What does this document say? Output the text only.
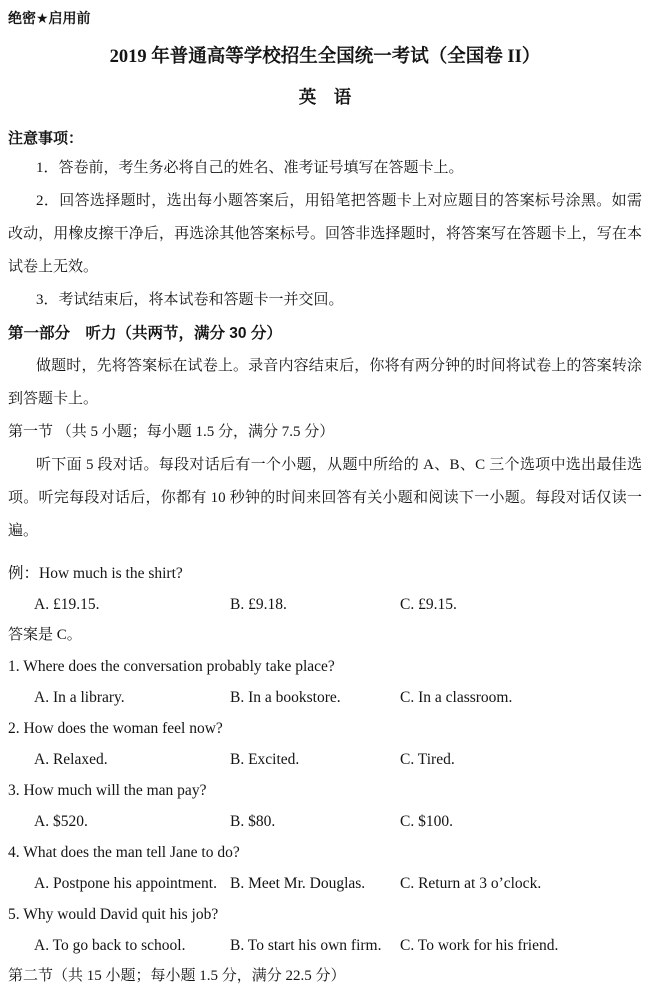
绝密★启用前
2019 年普通高等学校招生全国统一考试（全国卷 II）
英　语
注意事项：

1．答卷前，考生务必将自己的姓名、准考证号填写在答题卡上。

2．回答选择题时，选出每小题答案后，用铅笔把答题卡上对应题目的答案标号涂黑。如需改动，用橡皮擦干净后，再选涂其他答案标号。回答非选择题时，将答案写在答题卡上，写在本试卷上无效。

3．考试结束后，将本试卷和答题卡一并交回。

第一部分　听力（共两节，满分 30 分）

做题时，先将答案标在试卷上。录音内容结束后，你将有两分钟的时间将试卷上的答案转涂到答题卡上。

第一节 （共 5 小题；每小题 1.5 分，满分 7.5 分）

听下面 5 段对话。每段对话后有一个小题，从题中所给的 A、B、C 三个选项中选出最佳选项。听完每段对话后，你都有 10 秒钟的时间来回答有关小题和阅读下一小题。每段对话仅读一遍。

例：How much is the shirt?
A. £19.15.	B. £9.18.	C. £9.15.
答案是 C。
1. Where does the conversation probably take place?
A. In a library.	B. In a bookstore.	C. In a classroom.
2. How does the woman feel now?
A. Relaxed.	B. Excited.	C. Tired.
3. How much will the man pay?
A. $520.	B. $80.	C. $100.
4. What does the man tell Jane to do?
A. Postpone his appointment. B. Meet Mr. Douglas.	C. Return at 3 o’clock.
5. Why would David quit his job?
A. To go back to school.	B. To start his own firm.	C. To work for his friend.
第二节（共 15 小题；每小题 1.5 分，满分 22.5 分）
